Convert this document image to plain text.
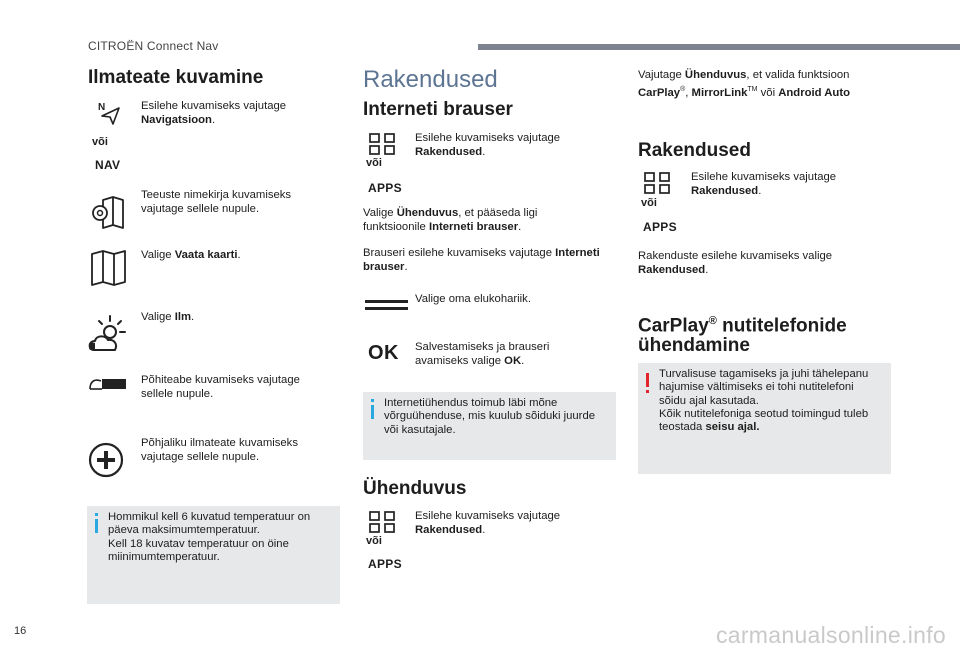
CITROËN Connect Nav
Ilmateate kuvamine
N
või
NAV
Esilehe kuvamiseks vajutage
Navigatsioon.
Teeuste nimekirja kuvamiseks vajutage sellele nupule.
Valige Vaata kaarti.
Valige Ilm.
Põhiteabe kuvamiseks vajutage sellele nupule.
Põhjaliku ilmateate kuvamiseks vajutage sellele nupule.
Hommikul kell 6 kuvatud temperatuur on
päeva maksimumtemperatuur.
Kell 18 kuvatav temperatuur on öine
miinimumtemperatuur.
Rakendused
Interneti brauser
või
APPS
Esilehe kuvamiseks vajutage
Rakendused.
Valige Ühenduvus, et pääseda ligi funktsioonile Interneti brauser.
Brauseri esilehe kuvamiseks vajutage Interneti brauser.
Valige oma elukohariik.
OK Salvestamiseks ja brauseri avamiseks valige OK.
Internetiühendus toimub läbi mõne
võrguühenduse, mis kuulub sõiduki juurde
või kasutajale.
Ühenduvus
või
APPS
Esilehe kuvamiseks vajutage
Rakendused.
Vajutage Ühenduvus, et valida funktsioon
CarPlay®, MirrorLink™ või Android Auto
Rakendused
või
APPS
Esilehe kuvamiseks vajutage
Rakendused.
Rakenduste esilehe kuvamiseks valige
Rakendused.
CarPlay® nutitelefonide
ühendamine
Turvalisuse tagamiseks ja juhi tähelepanu
hajumise vältimiseks ei tohi nutitelefoni
sõidu ajal kasutada.
Kõik nutitelefoniga seotud toimingud tuleb
teostada seisu ajal.
16	carmanualsonline.info
